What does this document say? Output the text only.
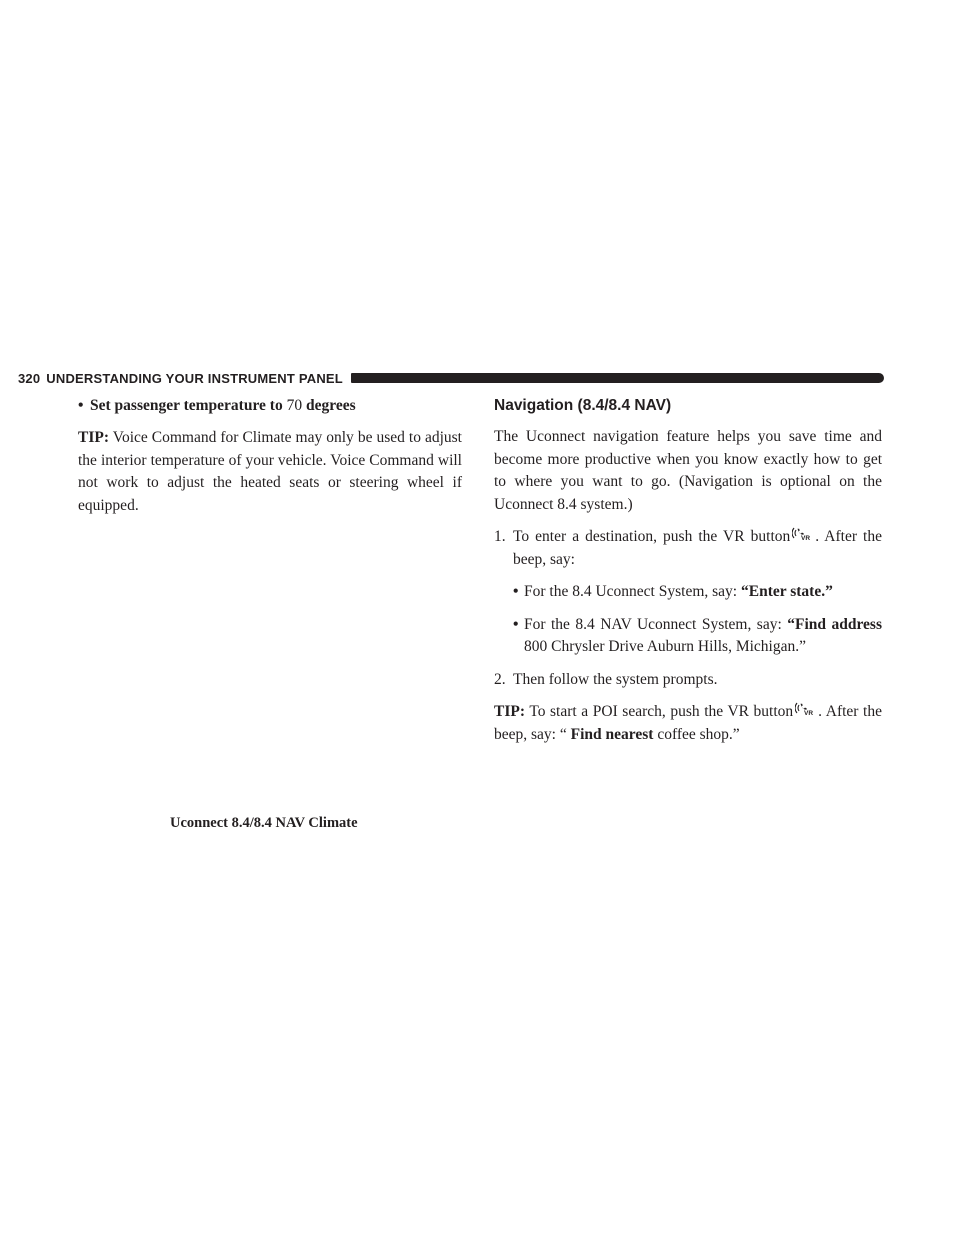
320 UNDERSTANDING YOUR INSTRUMENT PANEL

• Set passenger temperature to 70 degrees

TIP: Voice Command for Climate may only be used to adjust the interior temperature of your vehicle. Voice Command will not work to adjust the heated seats or steering wheel if equipped.

Uconnect 8.4/8.4 NAV Climate

Navigation (8.4/8.4 NAV)

The Uconnect navigation feature helps you save time and become more productive when you know exactly how to get to where you want to go. (Navigation is optional on the Uconnect 8.4 system.)

1. To enter a destination, push the VR button VR . After the beep, say:
• For the 8.4 Uconnect System, say: “Enter state.”
• For the 8.4 NAV Uconnect System, say: “Find address 800 Chrysler Drive Auburn Hills, Michigan.”
2. Then follow the system prompts.

TIP: To start a POI search, push the VR button VR . After the beep, say: “ Find nearest coffee shop.”
